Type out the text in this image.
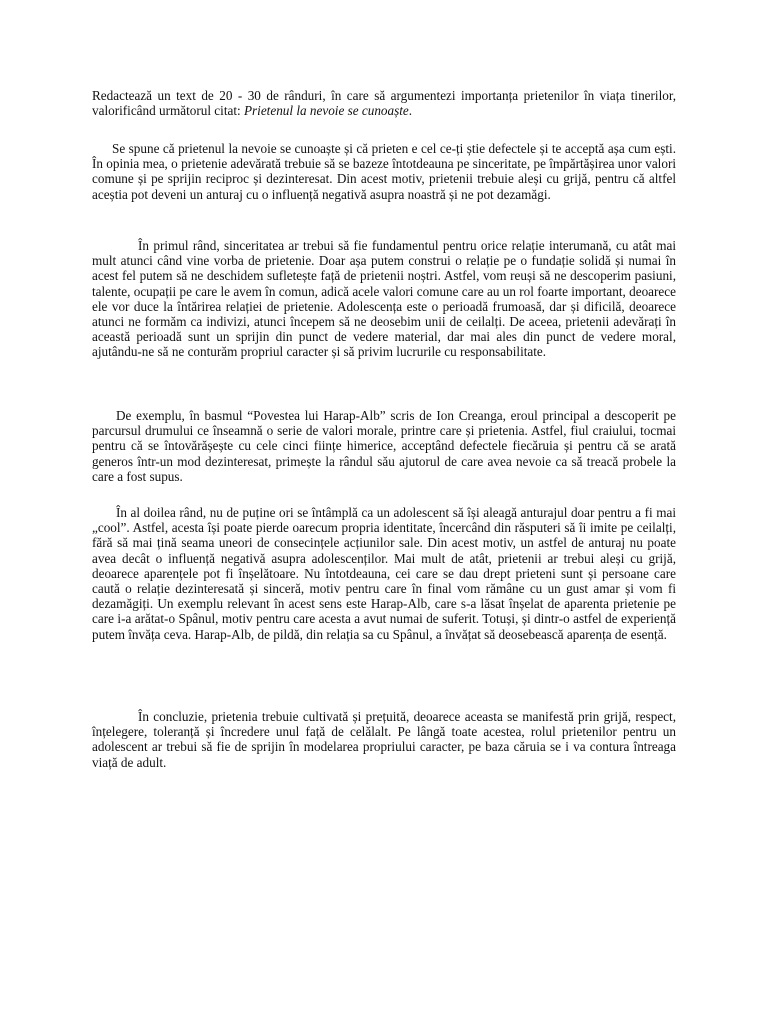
Redactează un text de 20 - 30 de rânduri, în care să argumentezi importanța prietenilor în viața tinerilor, valorificând următorul citat: Prietenul la nevoie se cunoaște.

Se spune că prietenul la nevoie se cunoaște și că prieten e cel ce-ți știe defectele și te acceptă așa cum ești. În opinia mea, o prietenie adevărată trebuie să se bazeze întotdeauna pe sinceritate, pe împărtășirea unor valori comune și pe sprijin reciproc și dezinteresat. Din acest motiv, prietenii trebuie aleși cu grijă, pentru că altfel aceștia pot deveni un anturaj cu o influență negativă asupra noastră și ne pot dezamăgi.

În primul rând, sinceritatea ar trebui să fie fundamentul pentru orice relație interumană, cu atât mai mult atunci când vine vorba de prietenie. Doar așa putem construi o relație pe o fundație solidă și numai în acest fel putem să ne deschidem sufletește față de prietenii noștri. Astfel, vom reuși să ne descoperim pasiuni, talente, ocupații pe care le avem în comun, adică acele valori comune care au un rol foarte important, deoarece ele vor duce la întărirea relației de prietenie. Adolescența este o perioadă frumoasă, dar și dificilă, deoarece atunci ne formăm ca indivizi, atunci începem să ne deosebim unii de ceilalți. De aceea, prietenii adevărați în această perioadă sunt un sprijin din punct de vedere material, dar mai ales din punct de vedere moral, ajutându-ne să ne conturăm propriul caracter și să privim lucrurile cu responsabilitate.

De exemplu, în basmul “Povestea lui Harap-Alb” scris de Ion Creanga, eroul principal a descoperit pe parcursul drumului ce înseamnă o serie de valori morale, printre care și prietenia. Astfel, fiul craiului, tocmai pentru că se întovărășește cu cele cinci ființe himerice, acceptând defectele fiecăruia și pentru că se arată generos într-un mod dezinteresat, primește la rândul său ajutorul de care avea nevoie ca să treacă probele la care a fost supus.

În al doilea rând, nu de puține ori se întâmplă ca un adolescent să își aleagă anturajul doar pentru a fi mai „cool”. Astfel, acesta își poate pierde oarecum propria identitate, încercând din răsputeri să îi imite pe ceilalți, fără să mai țină seama uneori de consecințele acțiunilor sale. Din acest motiv, un astfel de anturaj nu poate avea decât o influență negativă asupra adolescenților. Mai mult de atât, prietenii ar trebui aleși cu grijă, deoarece aparențele pot fi înșelătoare. Nu întotdeauna, cei care se dau drept prieteni sunt și persoane care caută o relație dezinteresată și sinceră, motiv pentru care în final vom rămâne cu un gust amar și vom fi dezamăgiți. Un exemplu relevant în acest sens este Harap-Alb, care s-a lăsat înșelat de aparenta prietenie pe care i-a arătat-o Spânul, motiv pentru care acesta a avut numai de suferit. Totuși, și dintr-o astfel de experiență putem învăța ceva. Harap-Alb, de pildă, din relația sa cu Spânul, a învățat să deosebească aparența de esență.

În concluzie, prietenia trebuie cultivată și prețuită, deoarece aceasta se manifestă prin grijă, respect, înțelegere, toleranță și încredere unul față de celălalt. Pe lângă toate acestea, rolul prietenilor pentru un adolescent ar trebui să fie de sprijin în modelarea propriului caracter, pe baza căruia se i va contura întreaga viață de adult.
